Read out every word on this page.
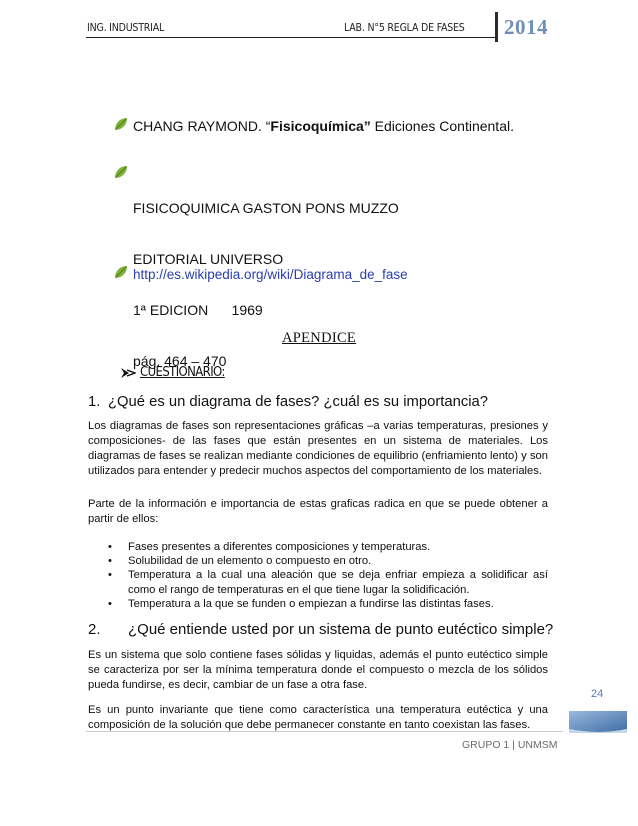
ING. INDUSTRIAL	LAB. N°5 REGLA DE FASES 2014
CHANG RAYMOND. “Fisicoquímica” Ediciones Continental.

FISICOQUIMICA GASTON PONS MUZZO

EDITORIAL UNIVERSO

1ª EDICION      1969

pág. 464 – 470

http://es.wikipedia.org/wiki/Diagrama_de_fase
APENDICE
CUESTIONARIO:
1. ¿Qué es un diagrama de fases? ¿cuál es su importancia?
Los diagramas de fases son representaciones gráficas –a varias temperaturas, presiones y composiciones- de las fases que están presentes en un sistema de materiales. Los diagramas de fases se realizan mediante condiciones de equilibrio (enfriamiento lento) y son utilizados para entender y predecir muchos aspectos del comportamiento de los materiales.
Parte de la información e importancia de estas graficas radica en que se puede obtener a partir de ellos:
• Fases presentes a diferentes composiciones y temperaturas.
• Solubilidad de un elemento o compuesto en otro.
• Temperatura a la cual una aleación que se deja enfriar empieza a solidificar así como el rango de temperaturas en el que tiene lugar la solidificación.
• Temperatura a la que se funden o empiezan a fundirse las distintas fases.
2. ¿Qué entiende usted por un sistema de punto eutéctico simple?
Es un sistema que solo contiene fases sólidas y liquidas, además el punto eutéctico simple se caracteriza por ser la mínima temperatura donde el compuesto o mezcla de los sólidos pueda fundirse, es decir, cambiar de un fase a otra fase.
Es un punto invariante que tiene como característica una temperatura eutéctica y una composición de la solución que debe permanecer constante en tanto coexistan las fases.
24
GRUPO 1 | UNMSM
